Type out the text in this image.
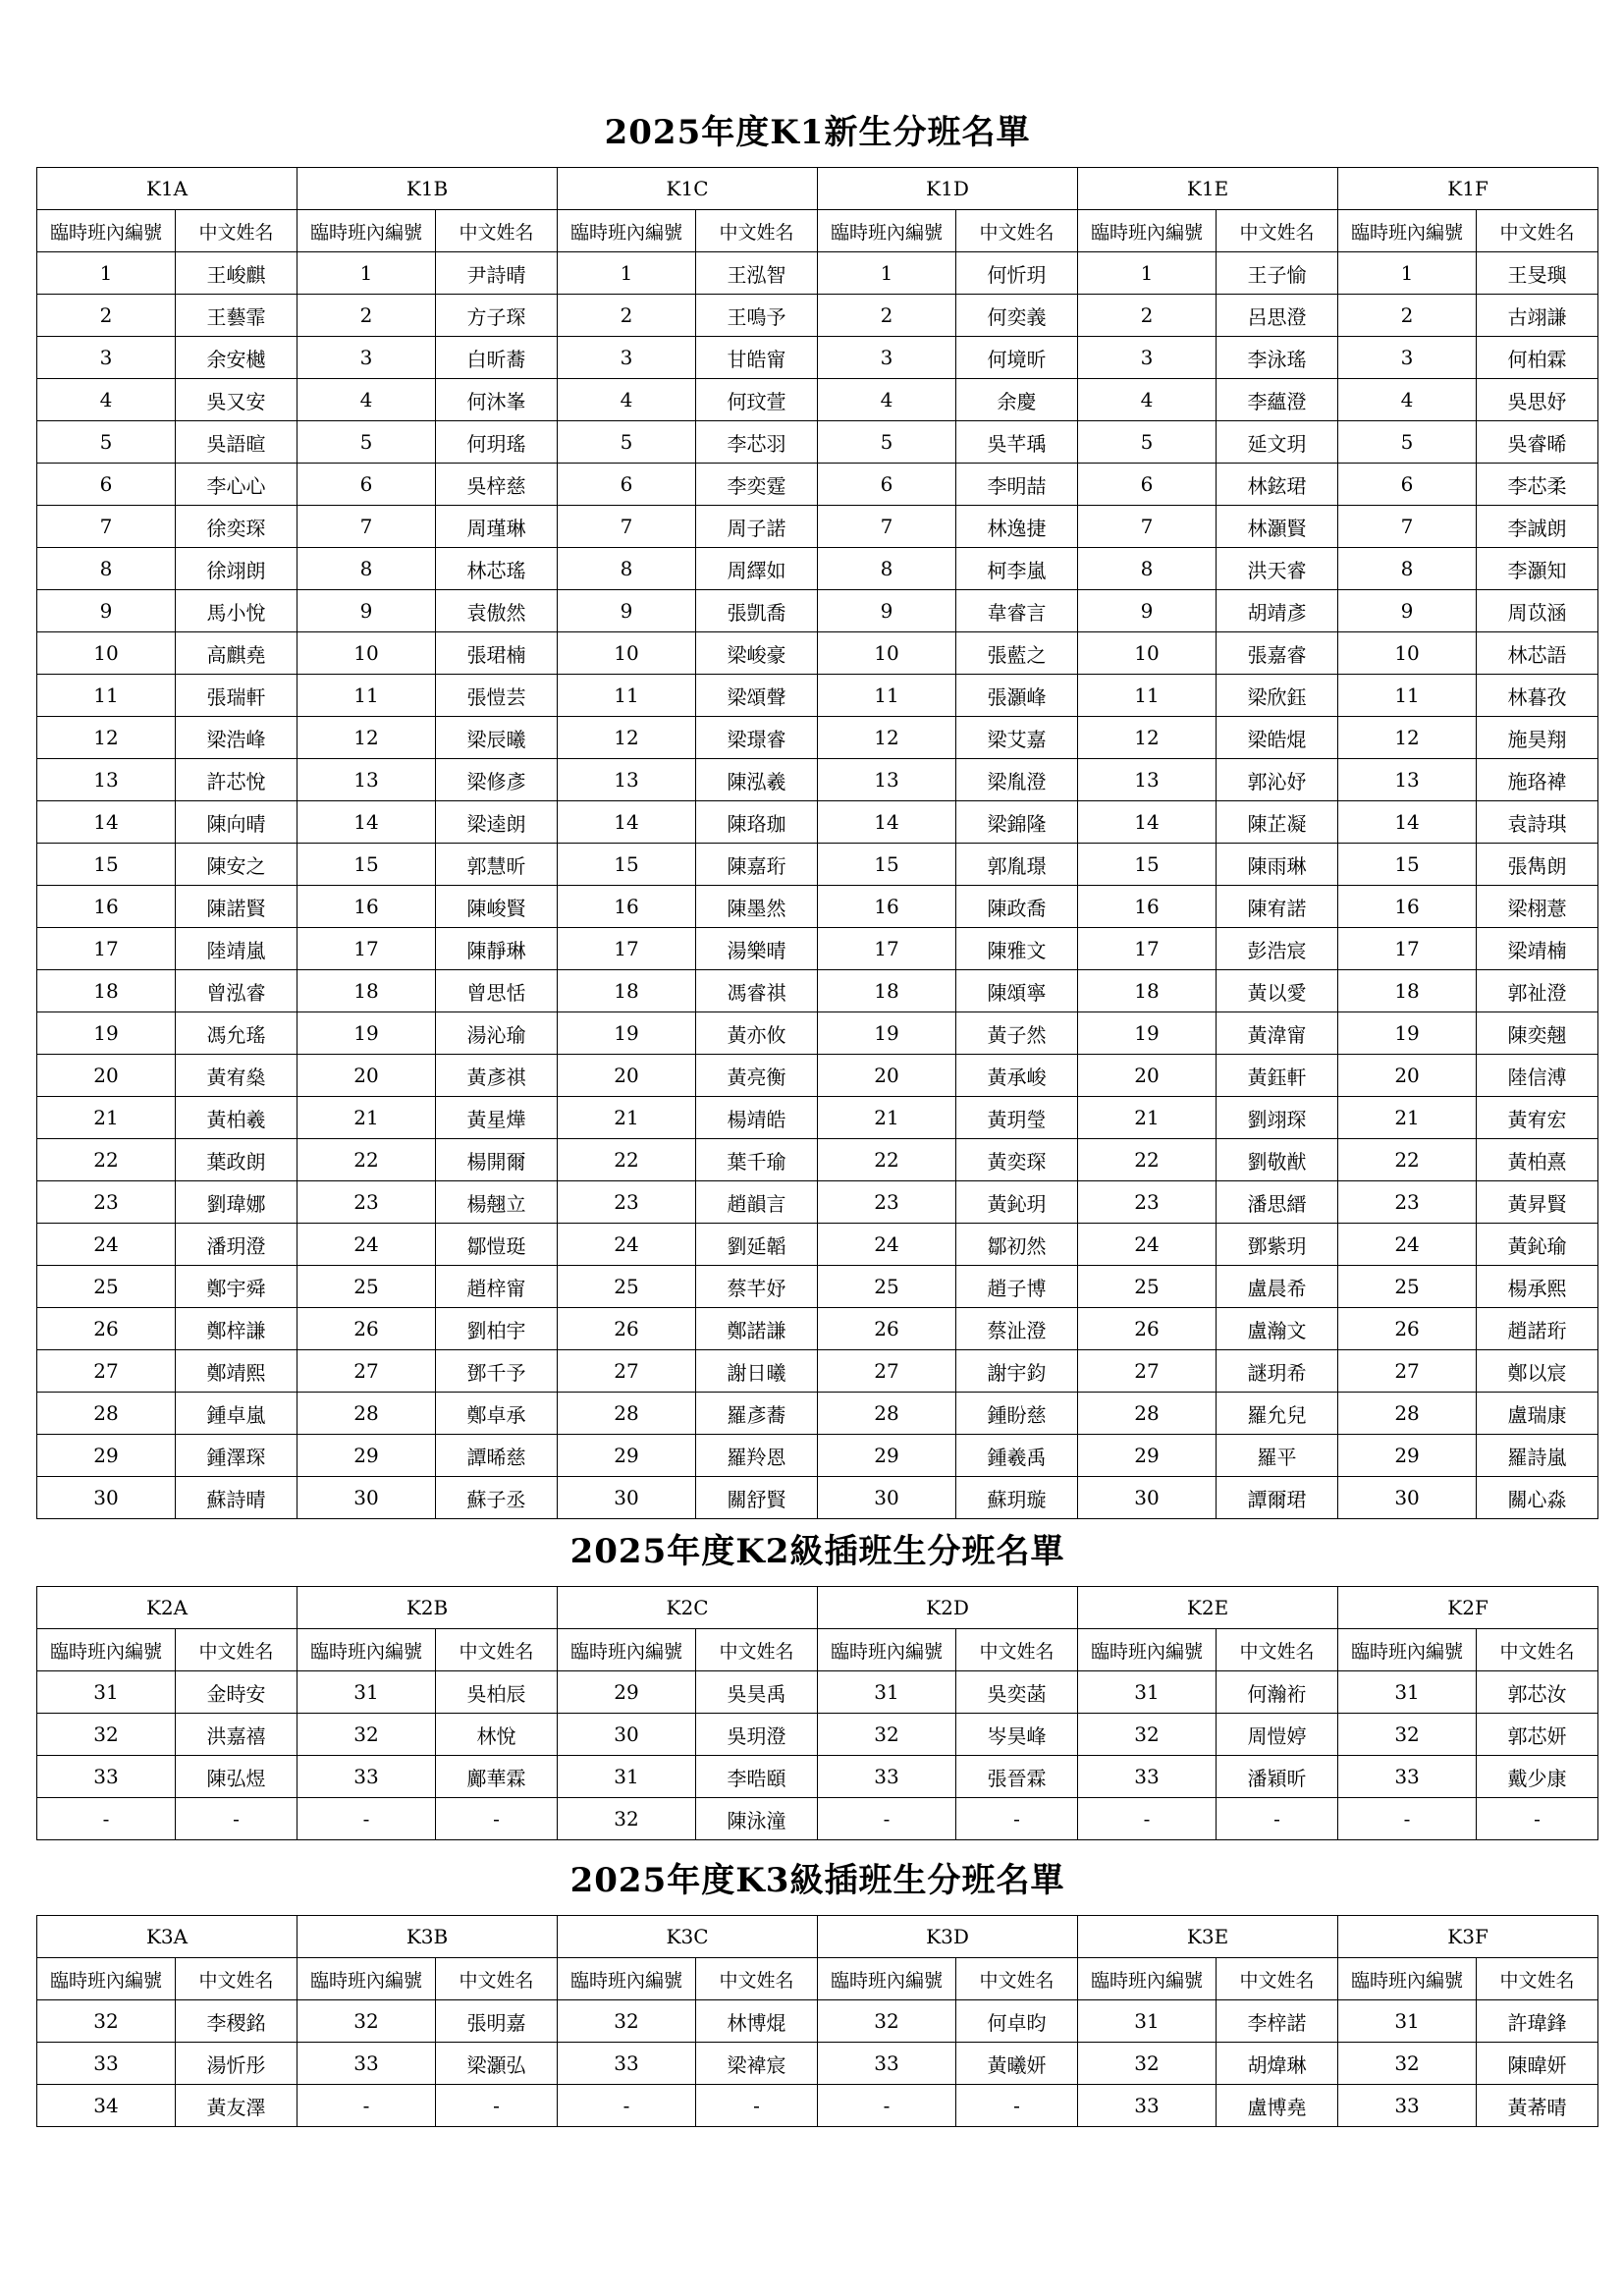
2025年度K1新生分班名單
K1A		K1B		K1C		K1D		K1E		K1F	
臨時班內編號	中文姓名	臨時班內編號	中文姓名	臨時班內編號	中文姓名	臨時班內編號	中文姓名	臨時班內編號	中文姓名	臨時班內編號	中文姓名
1	王峻麒	1	尹詩晴	1	王泓智	1	何忻玥	1	王子愉	1	王旻璵
2	王藝霏	2	方子琛	2	王鳴予	2	何奕義	2	呂思澄	2	古翊謙
3	余安樾	3	白昕蕎	3	甘皓甯	3	何境昕	3	李泳瑤	3	何柏霖
4	吳又安	4	何沐峯	4	何玟萱	4	余慶	4	李蘊澄	4	吳思妤
5	吳語暄	5	何玥瑤	5	李芯羽	5	吳芊瑀	5	延文玥	5	吳睿晞
6	李心心	6	吳梓慈	6	李奕霆	6	李明喆	6	林鉉珺	6	李芯柔
7	徐奕琛	7	周瑾琳	7	周子諾	7	林逸捷	7	林灝賢	7	李誠朗
8	徐翊朗	8	林芯瑤	8	周繹如	8	柯李嵐	8	洪天睿	8	李灝知
9	馬小悅	9	袁傲然	9	張凱喬	9	韋睿言	9	胡靖彥	9	周苡涵
10	高麒堯	10	張珺楠	10	梁峻豪	10	張藍之	10	張嘉睿	10	林芯語
11	張瑞軒	11	張愷芸	11	梁頌聲	11	張灝峰	11	梁欣鈺	11	林暮孜
12	梁浩峰	12	梁辰曦	12	梁璟睿	12	梁艾嘉	12	梁皓焜	12	施昊翔
13	許芯悅	13	梁修彥	13	陳泓羲	13	梁胤澄	13	郭沁妤	13	施珞褘
14	陳向晴	14	梁逵朗	14	陳珞珈	14	梁錦隆	14	陳芷凝	14	袁詩琪
15	陳安之	15	郭慧昕	15	陳嘉珩	15	郭胤璟	15	陳雨琳	15	張雋朗
16	陳諾賢	16	陳峻賢	16	陳墨然	16	陳政喬	16	陳宥諾	16	梁栩薏
17	陸靖嵐	17	陳靜琳	17	湯樂晴	17	陳雅文	17	彭浩宸	17	梁靖楠
18	曾泓睿	18	曾思恬	18	馮睿祺	18	陳頌寧	18	黃以愛	18	郭祉澄
19	馮允瑤	19	湯沁瑜	19	黃亦攸	19	黃子然	19	黃湋甯	19	陳奕翹
20	黃宥燊	20	黃彥祺	20	黃亮衡	20	黃承峻	20	黃鈺軒	20	陸信溥
21	黃柏羲	21	黃星燁	21	楊靖皓	21	黃玥瑩	21	劉翊琛	21	黃宥宏
22	葉政朗	22	楊開爾	22	葉千瑜	22	黃奕琛	22	劉敬猷	22	黃柏熹
23	劉瑋娜	23	楊翹立	23	趙韻言	23	黃鈊玥	23	潘思縉	23	黃昇賢
24	潘玥澄	24	鄒愷珽	24	劉延韜	24	鄒初然	24	鄧紫玥	24	黃鈊瑜
25	鄭宇舜	25	趙梓甯	25	蔡芊妤	25	趙子博	25	盧晨希	25	楊承熙
26	鄭梓謙	26	劉柏宇	26	鄭諾謙	26	蔡沚澄	26	盧瀚文	26	趙諾珩
27	鄭靖熙	27	鄧千予	27	謝日曦	27	謝宇鈞	27	謎玥希	27	鄭以宸
28	鍾卓嵐	28	鄭卓承	28	羅彥蕎	28	鍾盼慈	28	羅允兒	28	盧瑞康
29	鍾澤琛	29	譚晞慈	29	羅羚恩	29	鍾羲禹	29	羅平	29	羅詩嵐
30	蘇詩晴	30	蘇子丞	30	關舒賢	30	蘇玥璇	30	譚爾珺	30	關心淼
2025年度K2級插班生分班名單
K2A		K2B		K2C		K2D		K2E		K2F	
臨時班內編號	中文姓名	臨時班內編號	中文姓名	臨時班內編號	中文姓名	臨時班內編號	中文姓名	臨時班內編號	中文姓名	臨時班內編號	中文姓名
31	金時安	31	吳柏辰	29	吳昊禹	31	吳奕菡	31	何瀚裄	31	郭芯汝
32	洪嘉禧	32	林悅	30	吳玥澄	32	岑昊峰	32	周愷婷	32	郭芯妍
33	陳弘煜	33	鄺華霖	31	李晧頤	33	張晉霖	33	潘穎昕	33	戴少康
-	-	-	-	32	陳泳潼	-	-	-	-	-	-
2025年度K3級插班生分班名單
K3A		K3B		K3C		K3D		K3E		K3F	
臨時班內編號	中文姓名	臨時班內編號	中文姓名	臨時班內編號	中文姓名	臨時班內編號	中文姓名	臨時班內編號	中文姓名	臨時班內編號	中文姓名
32	李稷銘	32	張明嘉	32	林博焜	32	何卓昀	31	李梓諾	31	許瑋鋒
33	湯忻彤	33	梁灝弘	33	梁褘宸	33	黃曦妍	32	胡煒琳	32	陳暐妍
34	黃友澤	-	-	-	-	-	-	33	盧博堯	33	黃莃晴
